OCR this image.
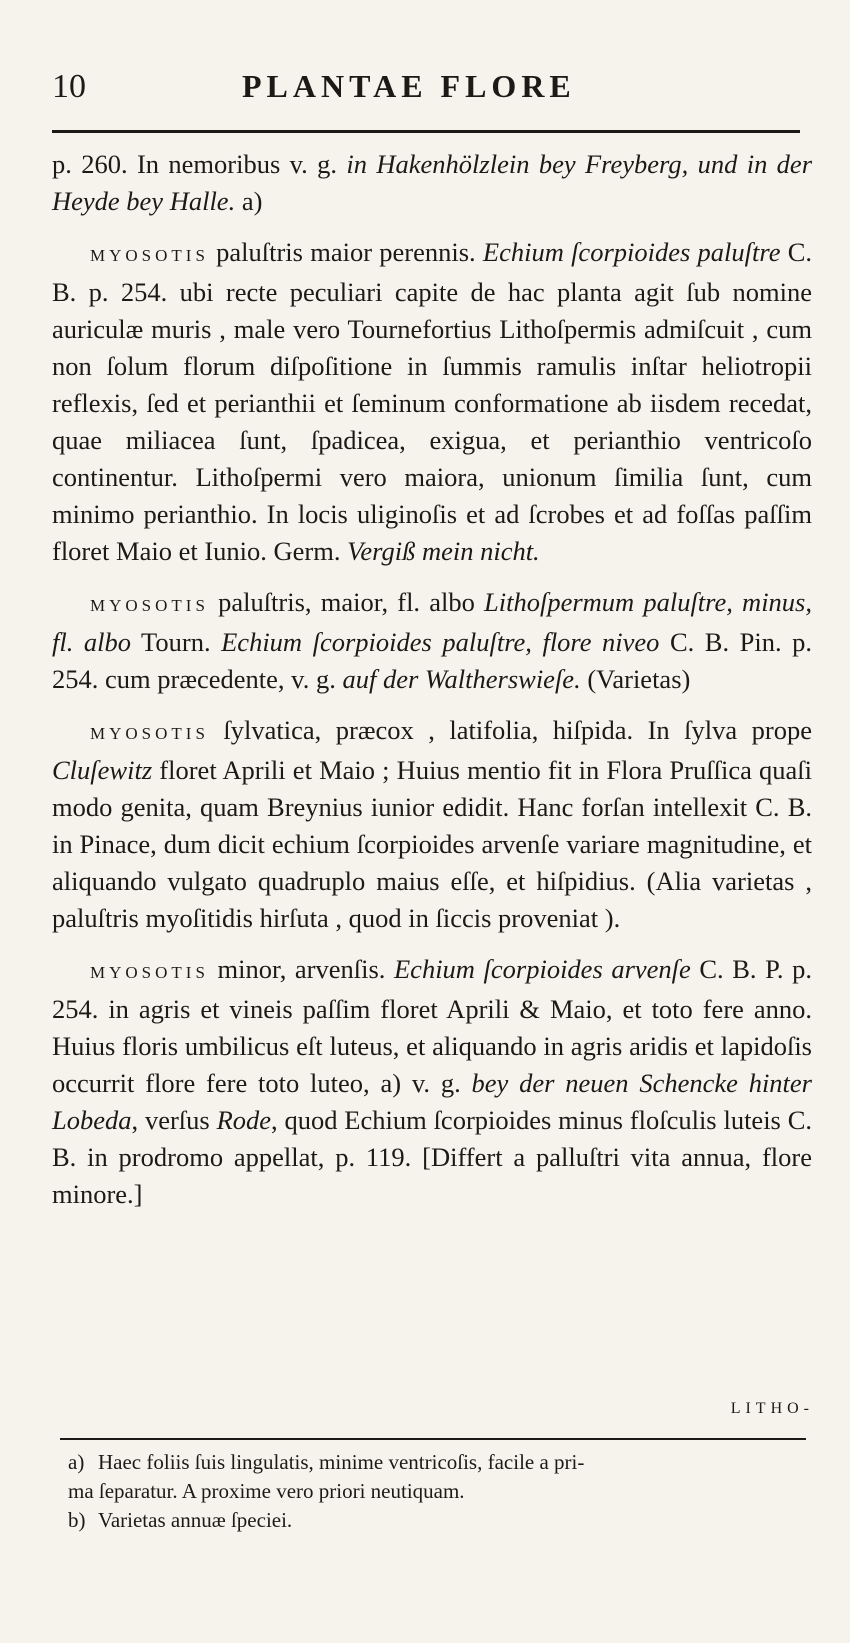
10	PLANTAE FLORE

p. 260. In nemoribus v. g. in Hakenhölzlein bey Freyberg, und in der Heyde bey Halle. a)

MYOSOTIS paluſtris maior perennis. Echium ſcorpioides paluſtre C. B. p. 254. ubi recte peculiari capite de hac planta agit ſub nomine auriculæ muris , male vero Tournefortius Lithoſpermis admiſcuit , cum non ſolum florum diſpoſitione in ſummis ramulis inſtar heliotropii reflexis, ſed et perianthii et ſeminum conformatione ab iisdem recedat, quae miliacea ſunt, ſpadicea, exigua, et perianthio ventricoſo continentur. Lithoſpermi vero maiora, unionum ſimilia ſunt, cum minimo perianthio. In locis uliginoſis et ad ſcrobes et ad foſſas paſſim floret Maio et Iunio. Germ. Vergiß mein nicht.

MYOSOTIS paluſtris, maior, fl. albo Lithoſpermum paluſtre, minus, fl. albo Tourn. Echium ſcorpioides paluſtre, flore niveo C. B. Pin. p. 254. cum præcedente, v. g. auf der Waltherswieſe. (Varietas)

MYOSOTIS ſylvatica, præcox , latifolia, hiſpida. In ſylva prope Cluſewitz floret Aprili et Maio ; Huius mentio fit in Flora Pruſſica quaſi modo genita, quam Breynius iunior edidit. Hanc forſan intellexit C. B. in Pinace, dum dicit echium ſcorpioides arvenſe variare magnitudine, et aliquando vulgato quadruplo maius eſſe, et hiſpidius. (Alia varietas , paluſtris myoſitidis hirſuta , quod in ſiccis proveniat ).

MYOSOTIS minor, arvenſis. Echium ſcorpioides arvenſe C. B. P. p. 254. in agris et vineis paſſim floret Aprili & Maio, et toto fere anno. Huius floris umbilicus eſt luteus, et aliquando in agris aridis et lapidoſis occurrit flore fere toto luteo, a) v. g. bey der neuen Schencke hinter Lobeda, verſus Rode, quod Echium ſcorpioides minus floſculis luteis C. B. in prodromo appellat, p. 119. [Differt a palluſtri vita annua, flore minore.]

LITHO-

a) Haec foliis ſuis lingulatis, minime ventricoſis, facile a pri-

ma ſeparatur. A proxime vero priori neutiquam.

b) Varietas annuæ ſpeciei.
